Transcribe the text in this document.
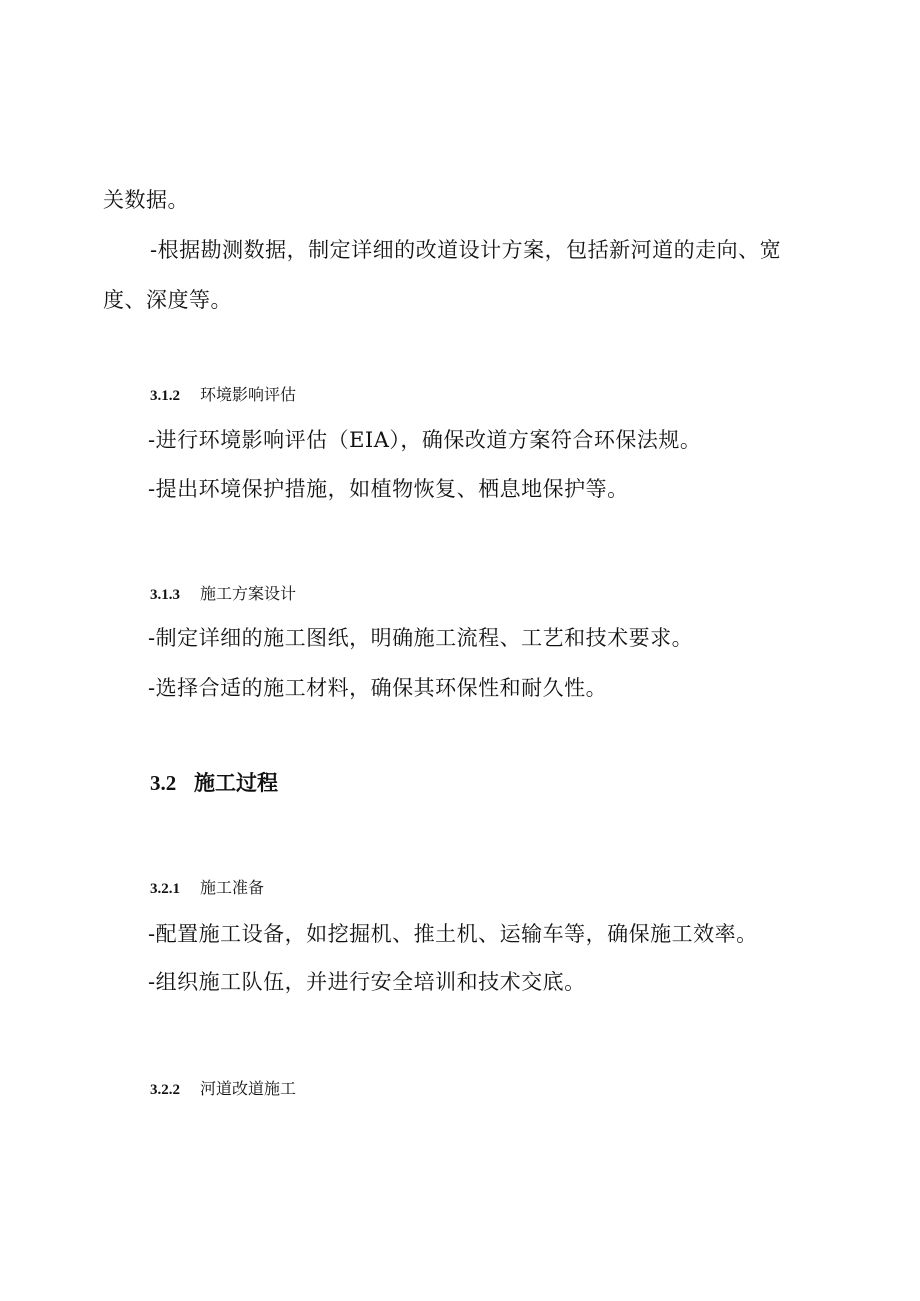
关数据。
-根据勘测数据，制定详细的改道设计方案，包括新河道的走向、宽
度、深度等。
3.1.2 环境影响评估
-进行环境影响评估（EIA），确保改道方案符合环保法规。
-提出环境保护措施，如植物恢复、栖息地保护等。
3.1.3 施工方案设计
-制定详细的施工图纸，明确施工流程、工艺和技术要求。
-选择合适的施工材料，确保其环保性和耐久性。
3.2 施工过程
3.2.1 施工准备
-配置施工设备，如挖掘机、推土机、运输车等，确保施工效率。
-组织施工队伍，并进行安全培训和技术交底。
3.2.2 河道改道施工
